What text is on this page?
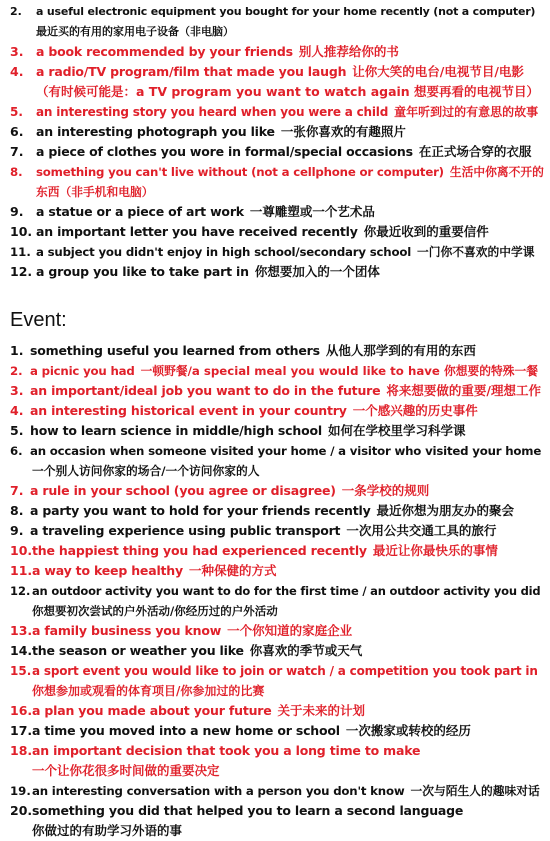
2. a useful electronic equipment you bought for your home recently (not a computer)
最近买的有用的家用电子设备（非电脑）
3. a book recommended by your friends 别人推荐给你的书
4. a radio/TV program/film that made you laugh 让你大笑的电台/电视节目/电影
（有时候可能是：a TV program you want to watch again 想要再看的电视节目）
5. an interesting story you heard when you were a child 童年听到过的有意思的故事
6. an interesting photograph you like 一张你喜欢的有趣照片
7. a piece of clothes you wore in formal/special occasions 在正式场合穿的衣服
8. something you can't live without (not a cellphone or computer) 生活中你离不开的
东西（非手机和电脑）
9. a statue or a piece of art work 一尊雕塑或一个艺术品
10. an important letter you have received recently 你最近收到的重要信件
11. a subject you didn't enjoy in high school/secondary school 一门你不喜欢的中学课
12. a group you like to take part in 你想要加入的一个团体
Event:
1. something useful you learned from others 从他人那学到的有用的东西
2. a picnic you had 一顿野餐/a special meal you would like to have 你想要的特殊一餐
3. an important/ideal job you want to do in the future 将来想要做的重要/理想工作
4. an interesting historical event in your country 一个感兴趣的历史事件
5. how to learn science in middle/high school 如何在学校里学习科学课
6. an occasion when someone visited your home / a visitor who visited your home
一个别人访问你家的场合/一个访问你家的人
7. a rule in your school (you agree or disagree) 一条学校的规则
8. a party you want to hold for your friends recently 最近你想为朋友办的聚会
9. a traveling experience using public transport 一次用公共交通工具的旅行
10.the happiest thing you had experienced recently 最近让你最快乐的事情
11.a way to keep healthy 一种保健的方式
12. an outdoor activity you want to do for the first time / an outdoor activity you did
你想要初次尝试的户外活动/你经历过的户外活动
13.a family business you know 一个你知道的家庭企业
14.the season or weather you like 你喜欢的季节或天气
15.a sport event you would like to join or watch / a competition you took part in
你想参加或观看的体育项目/你参加过的比赛
16.a plan you made about your future 关于未来的计划
17.a time you moved into a new home or school 一次搬家或转校的经历
18.an important decision that took you a long time to make
一个让你花很多时间做的重要决定
19.an interesting conversation with a person you don't know 一次与陌生人的趣味对话
20.something you did that helped you to learn a second language
你做过的有助学习外语的事
